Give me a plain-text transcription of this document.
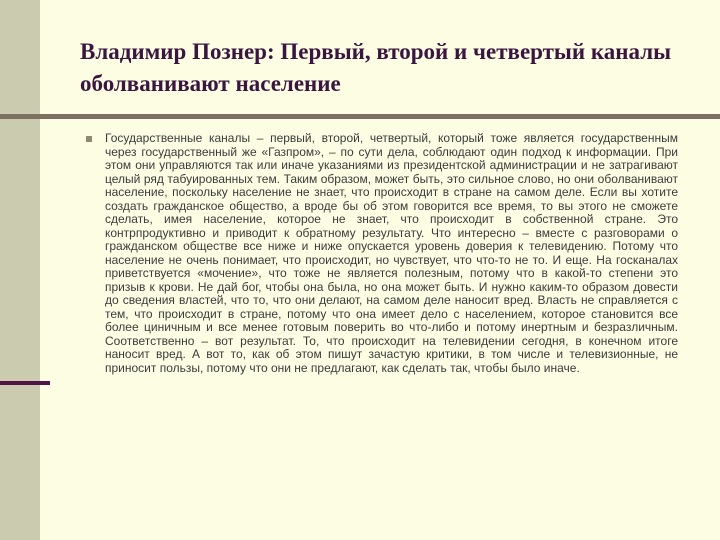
Владимир Познер: Первый, второй и четвертый каналы оболванивают население

Государственные каналы – первый, второй, четвертый, который тоже является государственным через государственный же «Газпром», – по сути дела, соблюдают один подход к информации. При этом они управляются так или иначе указаниями из президентской администрации и не затрагивают целый ряд табуированных тем. Таким образом, может быть, это сильное слово, но они оболванивают население, поскольку население не знает, что происходит в стране на самом деле. Если вы хотите создать гражданское общество, а вроде бы об этом говорится все время, то вы этого не сможете сделать, имея население, которое не знает, что происходит в собственной стране. Это контрпродуктивно и приводит к обратному результату. Что интересно – вместе с разговорами о гражданском обществе все ниже и ниже опускается уровень доверия к телевидению. Потому что население не очень понимает, что происходит, но чувствует, что что-то не то. И еще. На госканалах приветствуется «мочение», что тоже не является полезным, потому что в какой-то степени это призыв к крови. Не дай бог, чтобы она была, но она может быть. И нужно каким-то образом довести до сведения властей, что то, что они делают, на самом деле наносит вред. Власть не справляется с тем, что происходит в стране, потому что она имеет дело с населением, которое становится все более циничным и все менее готовым поверить во что-либо и потому инертным и безразличным. Соответственно – вот результат. То, что происходит на телевидении сегодня, в конечном итоге наносит вред. А вот то, как об этом пишут зачастую критики, в том числе и телевизионные, не приносит пользы, потому что они не предлагают, как сделать так, чтобы было иначе.
